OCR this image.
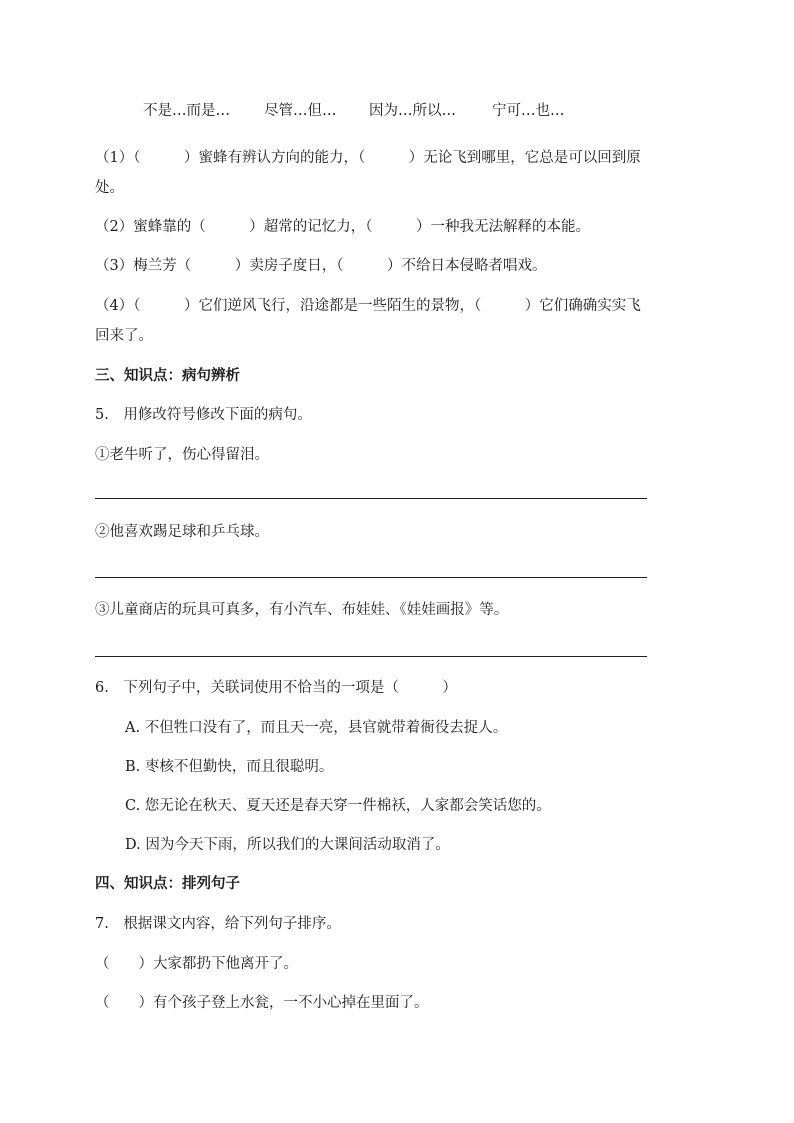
不是…而是… 尽管…但… 因为…所以… 宁可…也…
（1）（　　　）蜜蜂有辨认方向的能力，（　　　）无论飞到哪里，它总是可以回到原
处。
（2）蜜蜂靠的（　　　）超常的记忆力，（　　　）一种我无法解释的本能。
（3）梅兰芳（　　　）卖房子度日，（　　　）不给日本侵略者唱戏。
（4）（　　　）它们逆风飞行，沿途都是一些陌生的景物，（　　　）它们确确实实飞
回来了。
三、知识点：病句辨析
5.　用修改符号修改下面的病句。
①老牛听了，伤心得留泪。
②他喜欢踢足球和乒乓球。
③儿童商店的玩具可真多，有小汽车、布娃娃、《娃娃画报》等。
6.　下列句子中，关联词使用不恰当的一项是（　　　）
A. 不但牲口没有了，而且天一亮，县官就带着衙役去捉人。
B. 枣核不但勤快，而且很聪明。
C. 您无论在秋天、夏天还是春天穿一件棉袄，人家都会笑话您的。
D. 因为今天下雨，所以我们的大课间活动取消了。
四、知识点：排列句子
7.　根据课文内容，给下列句子排序。
（　　）大家都扔下他离开了。
（　　）有个孩子登上水瓮，一不小心掉在里面了。
